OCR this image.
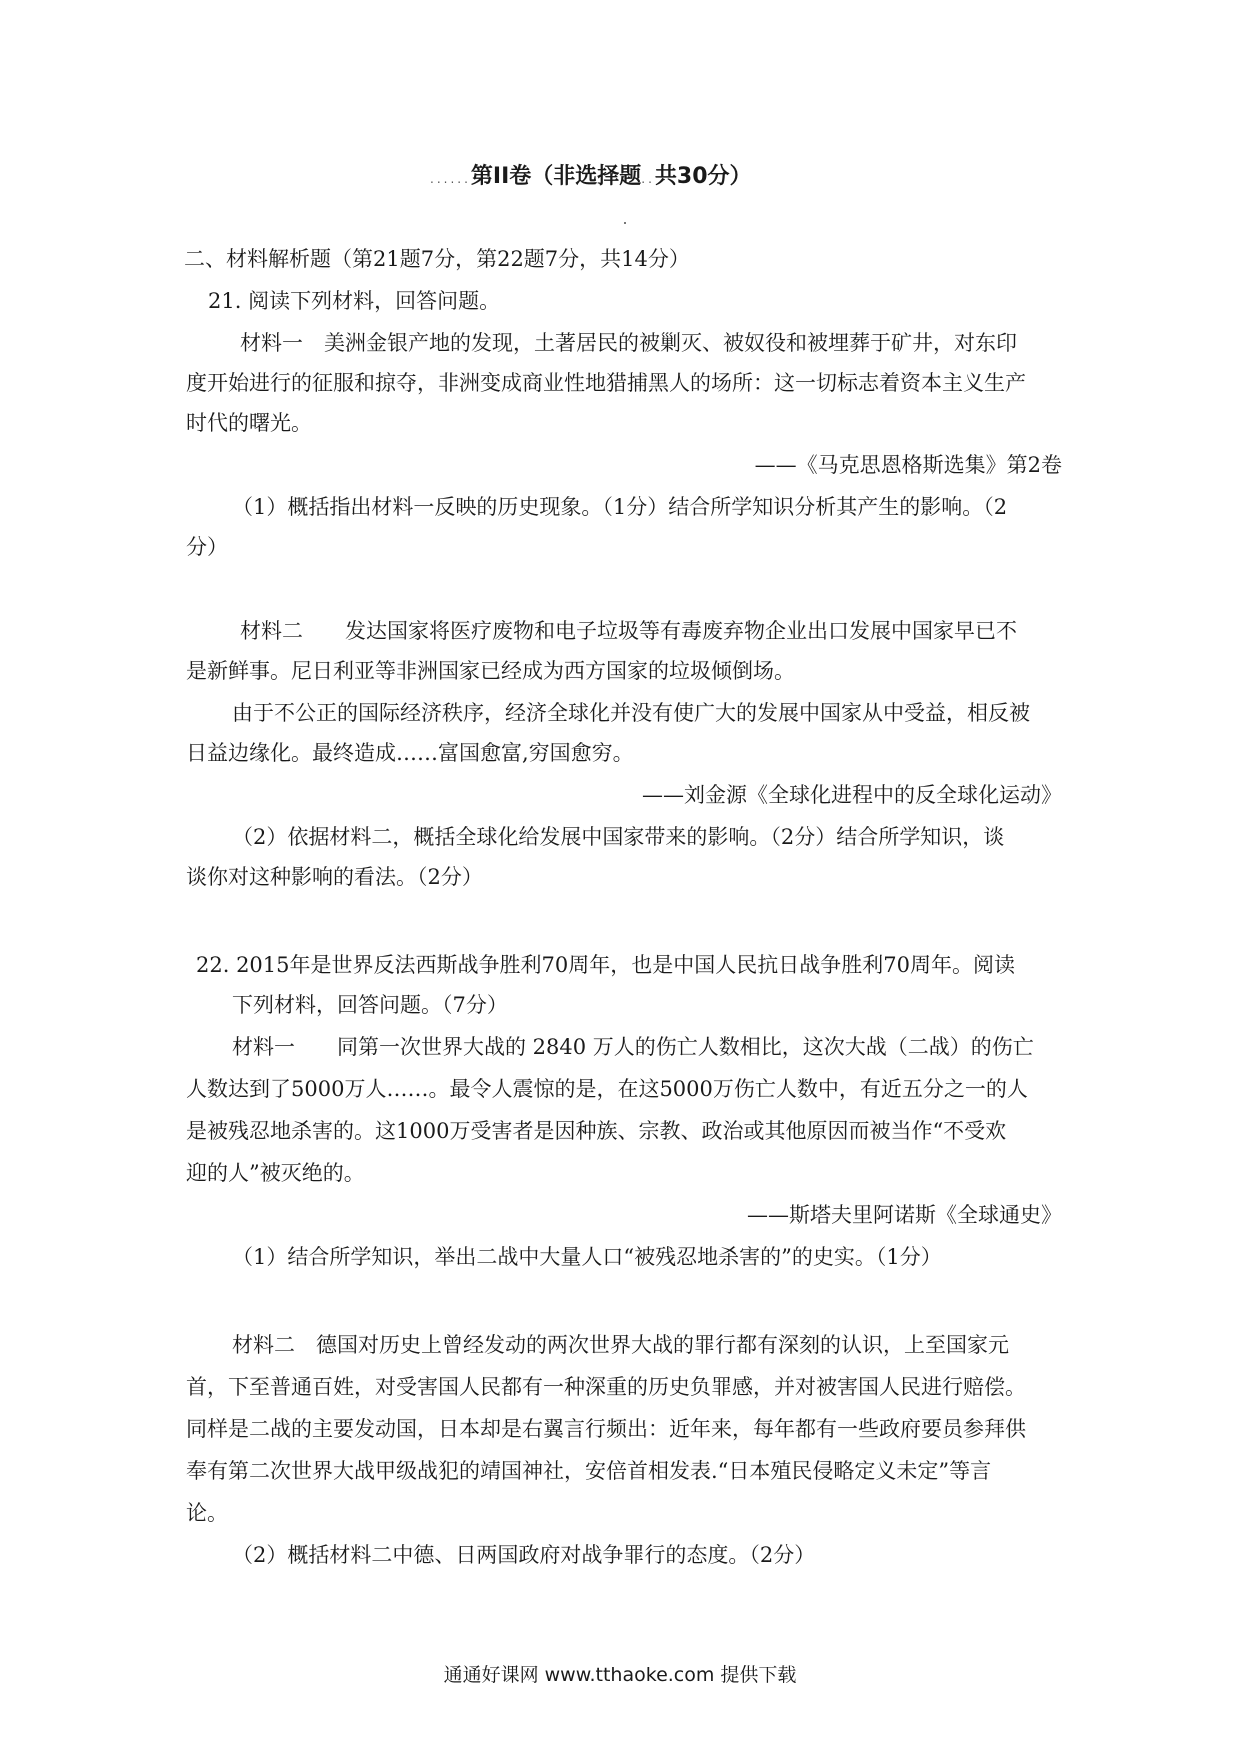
......第II卷（非选择题..共30分）
二、材料解析题（第21题7分，第22题7分，共14分）
21. 阅读下列材料，回答问题。
材料一　美洲金银产地的发现，土著居民的被剿灭、被奴役和被埋葬于矿井，对东印
度开始进行的征服和掠夺，非洲变成商业性地猎捕黑人的场所：这一切标志着资本主义生产
时代的曙光。
——《马克思恩格斯选集》第2卷
（1）概括指出材料一反映的历史现象。（1分）结合所学知识分析其产生的影响。（2
分）
材料二　　发达国家将医疗废物和电子垃圾等有毒废弃物企业出口发展中国家早已不
是新鲜事。尼日利亚等非洲国家已经成为西方国家的垃圾倾倒场。
由于不公正的国际经济秩序，经济全球化并没有使广大的发展中国家从中受益，相反被
日益边缘化。最终造成……富国愈富,穷国愈穷。
——刘金源《全球化进程中的反全球化运动》
（2）依据材料二，概括全球化给发展中国家带来的影响。（2分）结合所学知识，谈
谈你对这种影响的看法。（2分）
22. 2015年是世界反法西斯战争胜利70周年，也是中国人民抗日战争胜利70周年。阅读
下列材料，回答问题。（7分）
材料一　　同第一次世界大战的 2840 万人的伤亡人数相比，这次大战（二战）的伤亡
人数达到了5000万人……。最令人震惊的是，在这5000万伤亡人数中，有近五分之一的人
是被残忍地杀害的。这1000万受害者是因种族、宗教、政治或其他原因而被当作“不受欢
迎的人”被灭绝的。
——斯塔夫里阿诺斯《全球通史》
（1）结合所学知识，举出二战中大量人口“被残忍地杀害的”的史实。（1分）
材料二　德国对历史上曾经发动的两次世界大战的罪行都有深刻的认识，上至国家元
首，下至普通百姓，对受害国人民都有一种深重的历史负罪感，并对被害国人民进行赔偿。
同样是二战的主要发动国，日本却是右翼言行频出：近年来，每年都有一些政府要员参拜供
奉有第二次世界大战甲级战犯的靖国神社，安倍首相发表.“日本殖民侵略定义未定”等言
论。
（2）概括材料二中德、日两国政府对战争罪行的态度。（2分）
通通好课网 www.tthaoke.com 提供下载
